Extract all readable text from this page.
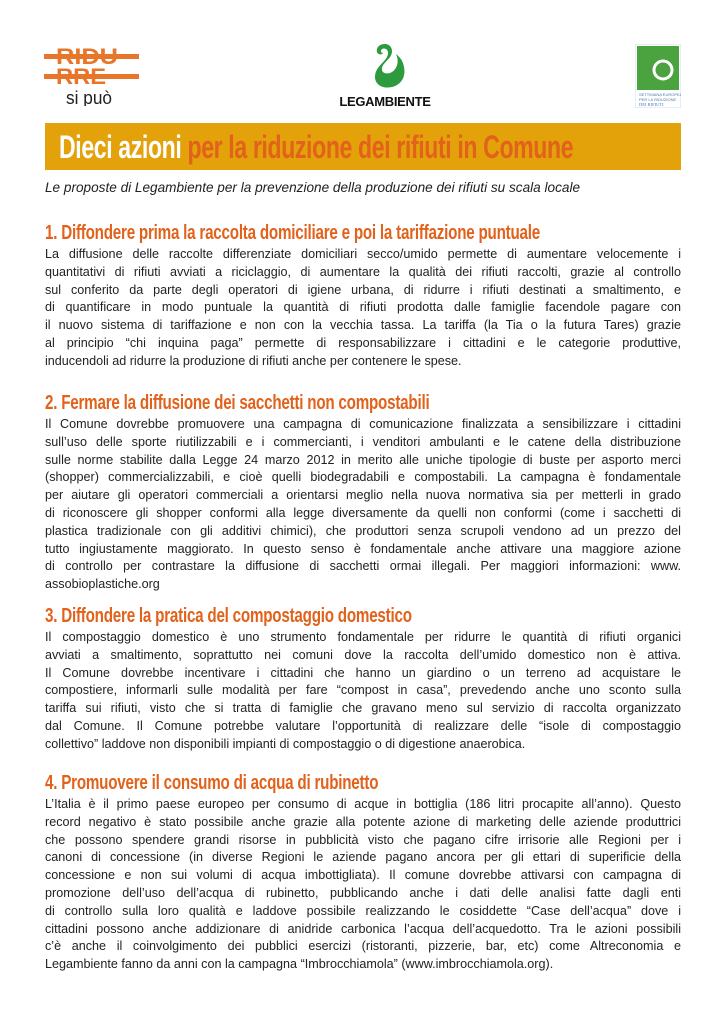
RIDU
RRE
si può	LEGAMBIENTE	SETTIMANA EUROPEA
PER LA RIDUZIONE
DEI RIFIUTI
Dieci azioni per la riduzione dei rifiuti in Comune
Le proposte di Legambiente per la prevenzione della produzione dei rifiuti su scala locale
1. Diffondere prima la raccolta domiciliare e poi la tariffazione puntuale
La diffusione delle raccolte differenziate domiciliari secco/umido permette di aumentare velocemente i
quantitativi di rifiuti avviati a riciclaggio, di aumentare la qualità dei rifiuti raccolti, grazie al controllo
sul conferito da parte degli operatori di igiene urbana, di ridurre i rifiuti destinati a smaltimento, e
di quantificare in modo puntuale la quantità di rifiuti prodotta dalle famiglie facendole pagare con
il nuovo sistema di tariffazione e non con la vecchia tassa. La tariffa (la Tia o la futura Tares) grazie
al principio “chi inquina paga” permette di responsabilizzare i cittadini e le categorie produttive,
inducendoli ad ridurre la produzione di rifiuti anche per contenere le spese.
2. Fermare la diffusione dei sacchetti non compostabili
Il Comune dovrebbe promuovere una campagna di comunicazione finalizzata a sensibilizzare i cittadini
sull’uso delle sporte riutilizzabili e i commercianti, i venditori ambulanti e le catene della distribuzione
sulle norme stabilite dalla Legge 24 marzo 2012 in merito alle uniche tipologie di buste per asporto merci
(shopper) commercializzabili, e cioè quelli biodegradabili e compostabili. La campagna è fondamentale
per aiutare gli operatori commerciali a orientarsi meglio nella nuova normativa sia per metterli in grado
di riconoscere gli shopper conformi alla legge diversamente da quelli non conformi (come i sacchetti di
plastica tradizionale con gli additivi chimici), che produttori senza scrupoli vendono ad un prezzo del
tutto ingiustamente maggiorato. In questo senso è fondamentale anche attivare una maggiore azione
di controllo per contrastare la diffusione di sacchetti ormai illegali. Per maggiori informazioni: www.
assobioplastiche.org
3. Diffondere la pratica del compostaggio domestico
Il compostaggio domestico è uno strumento fondamentale per ridurre le quantità di rifiuti organici
avviati a smaltimento, soprattutto nei comuni dove la raccolta dell’umido domestico non è attiva.
Il Comune dovrebbe incentivare i cittadini che hanno un giardino o un terreno ad acquistare le
compostiere, informarli sulle modalità per fare “compost in casa”, prevedendo anche uno sconto sulla
tariffa sui rifiuti, visto che si tratta di famiglie che gravano meno sul servizio di raccolta organizzato
dal Comune. Il Comune potrebbe valutare l’opportunità di realizzare delle “isole di compostaggio
collettivo” laddove non disponibili impianti di compostaggio o di digestione anaerobica.
4. Promuovere il consumo di acqua di rubinetto
L’Italia è il primo paese europeo per consumo di acque in bottiglia (186 litri procapite all’anno). Questo
record negativo è stato possibile anche grazie alla potente azione di marketing delle aziende produttrici
che possono spendere grandi risorse in pubblicità visto che pagano cifre irrisorie alle Regioni per i
canoni di concessione (in diverse Regioni le aziende pagano ancora per gli ettari di superificie della
concessione e non sui volumi di acqua imbottigliata). Il comune dovrebbe attivarsi con campagna di
promozione dell’uso dell’acqua di rubinetto, pubblicando anche i dati delle analisi fatte dagli enti
di controllo sulla loro qualità e laddove possibile realizzando le cosiddette “Case dell’acqua” dove i
cittadini possono anche addizionare di anidride carbonica l’acqua dell’acquedotto. Tra le azioni possibili
c’è anche il coinvolgimento dei pubblici esercizi (ristoranti, pizzerie, bar, etc) come Altreconomia e
Legambiente fanno da anni con la campagna “Imbrocchiamola” (www.imbrocchiamola.org).
